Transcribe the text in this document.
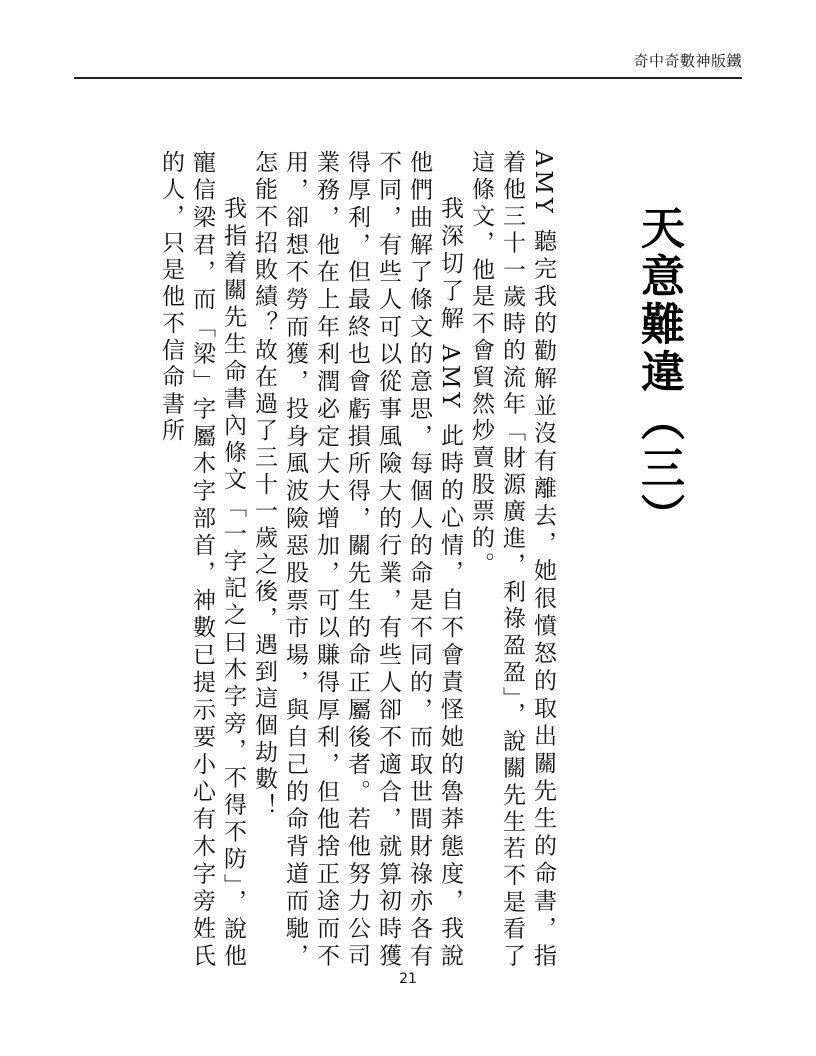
奇中奇數神版鐵
天意難違（三）

AMY 聽完我的勸解並沒有離去，她很憤怒的取出關先生的命書，指着他三十一歲時的流年「財源廣進，利祿盈盈」，說關先生若不是看了這條文，他是不會貿然炒賣股票的。

我深切了解 AMY 此時的心情，自不會責怪她的魯莽態度，我說他們曲解了條文的意思，每個人的命是不同的，而取世間財祿亦各有不同，有些人可以從事風險大的行業，有些人卻不適合，就算初時獲得厚利，但最終也會虧損所得，關先生的命正屬後者。若他努力公司業務，他在上年利潤必定大大增加，可以賺得厚利，但他捨正途而不用，卻想不勞而獲，投身風波險惡股票市場，與自己的命背道而馳，怎能不招敗績？故在過了三十一歲之後，遇到這個劫數！

我指着關先生命書內條文「一字記之曰木字旁，不得不防」，說他寵信梁君，而「梁」字屬木字部首，神數已提示要小心有木字旁姓氏的人，只是他不信命書所

21
